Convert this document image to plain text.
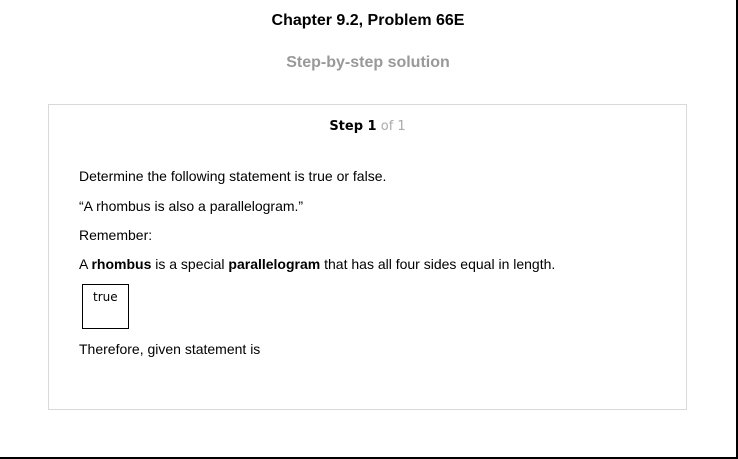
Chapter 9.2, Problem 66E
Step-by-step solution
Step 1 of 1
Determine the following statement is true or false.
“A rhombus is also a parallelogram.”
Remember:
A rhombus is a special parallelogram that has all four sides equal in length.
true
Therefore, given statement is
